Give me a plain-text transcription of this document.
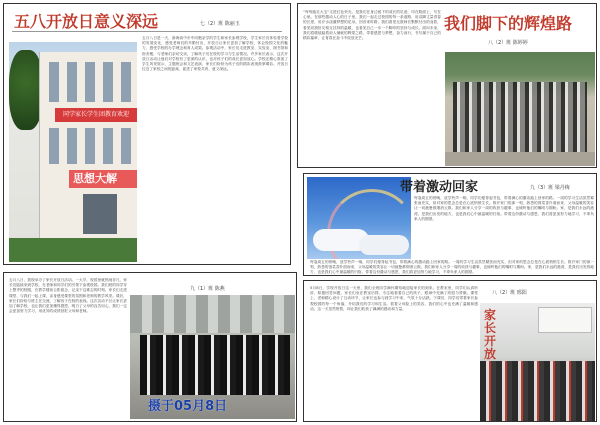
五八开放日意义深远	七（2）班 陈丽玉
同学家长学生团教育欢迎
思想大解
五月八日是一天，新海高中市中同胞亲学的学生和家长参观学校，学生家长们体验着学校的发展变化，感受老师们的辛勤付出，开放日让家长更加了解学校，体会校园文化的魅力，感受学校的办学理念和育人成果。参观活动中，家长们走进教室、实验室、图书馆和宿舍楼，与老师们亲切交谈，了解孩子们在校的学习与生活情况。许多家长表示，这次开放日活动让他们对学校有了更深的认识，也对孩子们的成长更加放心。学校还精心准备了学生风采展示、主题班会和文艺表演，家长们纷纷为孩子们的精彩表现鼓掌喝彩。开放日拉近了家校之间的距离，促进了家校共育，意义深远。
“每每踏足大宝”走进红色荣光，是我们在身边留下的成长的足迹，印在路面上，写在心里。在那些激动人心的日子里，我们一起走过校园的每一条道路，用双脚丈量青春的长度，用汗水浇灌梦想的花朵。回首来时路，我们看见无数师长默默付出的身影，看见同窗好友相互扶持的温暖，也看见自己一步一个脚印的坚持与成长。面向未来，我们将继续踏着前人铺就的辉煌之路，带着感恩与梦想，奋力前行，书写属于自己的精彩篇章，让青春在奋斗中绽放光芒。
我们脚下的辉煌路
八（2）班 陈婷婷
带着激动回家	九（3）班 梁丹梅
每逢周五的傍晚，放学铃声一响，同学们便背起书包，带着满心的激动踏上回家的路。一周的学习生活虽然紧张而充实，但对家的思念总是在心底悄悄生长。推开家门的那一刻，熟悉的饭菜香扑面而来，父母温暖的笑容让一切疲惫都烟消云散。我们和家人分享一周的收获与趣事，也倾听他们的嘱咐与期盼。家，是我们永远的港湾，是我们出发的地方，也是我们心中最温暖的归宿。带着这份激动与感恩，我们将更加努力地学习，不辜负家人的期望。
每逢周五的傍晚，放学铃声一响，同学们便背起书包，带着满心的激动踏上回家的路。一周的学习生活虽然紧张而充实，但对家的思念总是在心底悄悄生长。推开家门的那一刻，熟悉的饭菜香扑面而来，父母温暖的笑容让一切疲惫都烟消云散。我们和家人分享一周的收获与趣事，也倾听他们的嘱咐与期盼。家，是我们永远的港湾，是我们出发的地方，也是我们心中最温暖的归宿。带着这份激动与感恩，我们将更加努力地学习，不辜负家人的期望。
五月八日，我校举办了家长开放日活动。一大早，校园里就热闹非凡，家长们陆续来到学校，在老师和同学们的引领下参观校园。我们班的同学穿上整齐的校服，在教学楼前合影留念，记录下这难忘的时刻。家长们走进课堂，与我们一起上课，亲身感受课堂的氛围和老师的教学风采。课后，家长们纷纷与班主任交流，了解孩子在校的表现。这次活动不仅让家长更加了解学校，也让我们更加懂得感恩，明白了父母的良苦用心，我们一定会更加努力学习，用优异的成绩回报父母和老师。
九（1）班 陈燕
摄于05月8日
5月8日，学校开放日这一天里，我们全班同学满怀期待地迎接家长的到来。在教室里，同学们认真听讲、积极回答问题，家长们坐在教室后排，专注地看着自己的孩子，眼神中充满了欣慰与骄傲。课堂上，老师精心设计了互动环节，让家长也参与到学习中来，气氛十分活跃。下课后，同学们带着家长参观校园的每一个角落，介绍我们的学习和生活。看着父母脸上的笑容，我们的心中也充满了温暖和感动。这一天虽然短暂，却让我们收获了满满的感动和力量。
八（2）班 邢阳
家长开放
